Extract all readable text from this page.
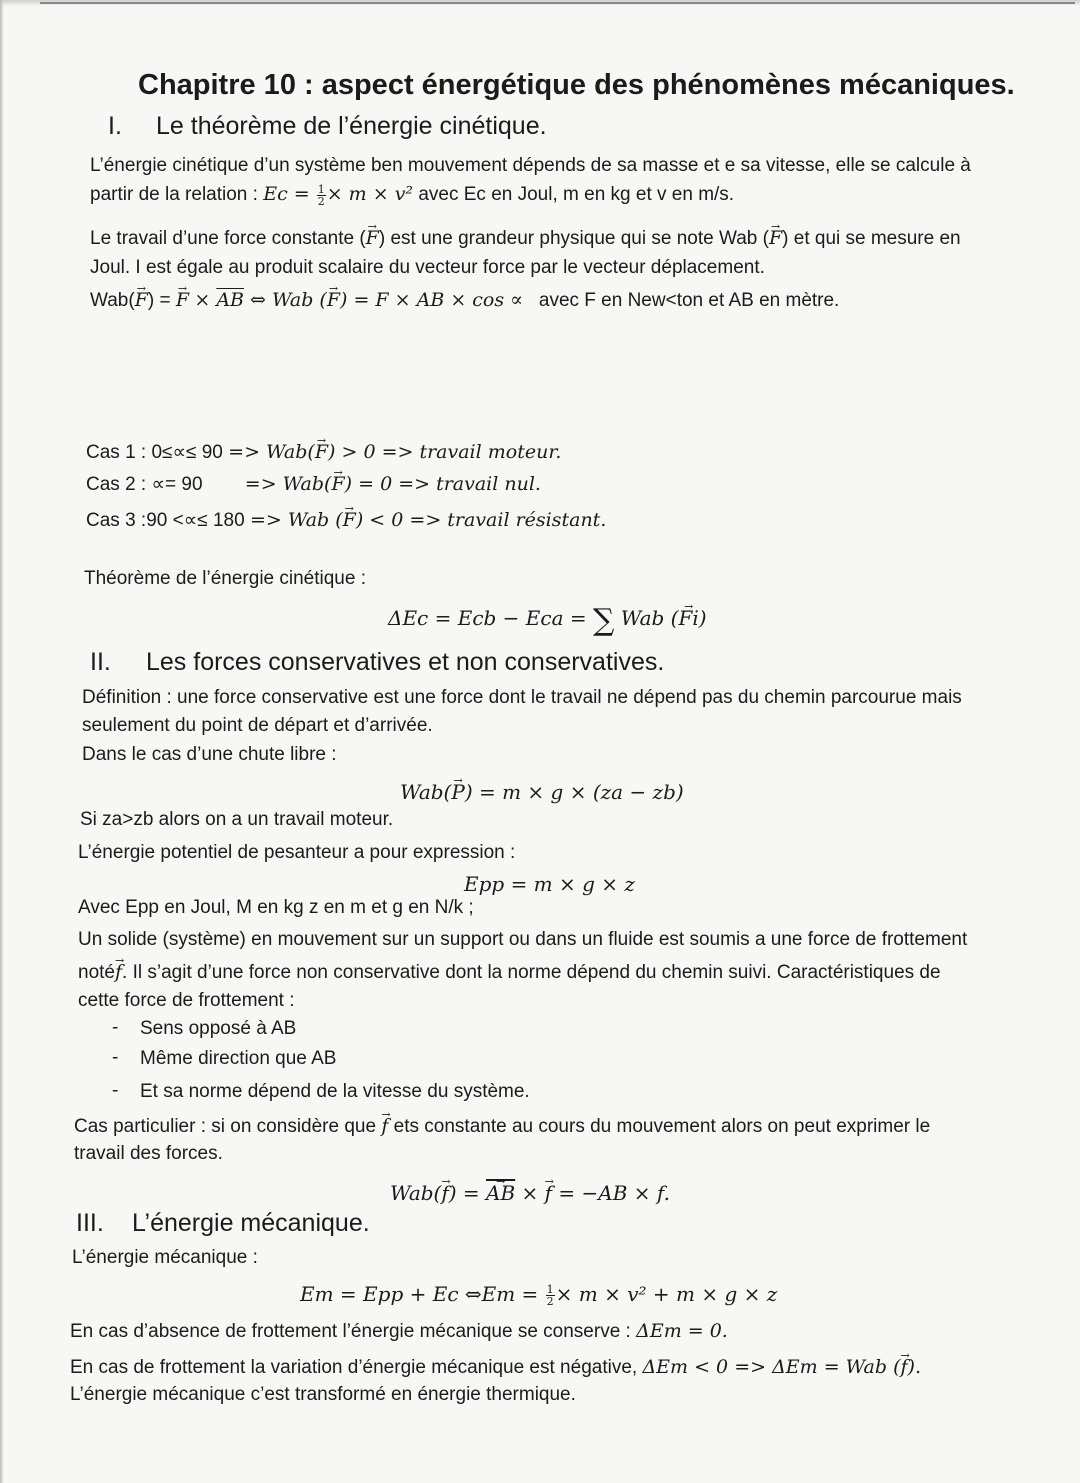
Chapitre 10 : aspect énergétique des phénomènes mécaniques.
I. Le théorème de l’énergie cinétique.
L’énergie cinétique d’un système ben mouvement dépends de sa masse et e sa vitesse, elle se calcule à
partir de la relation : $Ec = \frac{1}{2} \times m \times v^2$ avec Ec en Joul, m en kg et v en m/s.
Le travail d’une force constante (→ F) est une grandeur physique qui se note Wab (→ F) et qui se mesure en
Joul. I est égale au produit scalaire du vecteur force par le vecteur déplacement.
Wab(→ F) = → $F \times \overline{AB}$ ⇔ Wab (→ F) = F × AB × cos ∝ avec F en New<ton et AB en mètre.
Cas 1 : 0≤∝≤ 90 => Wab(→ F) > 0 => travail moteur.
Cas 2 : ∝= 90 => Wab(→ F) = 0 => travail nul.
Cas 3 :90 <∝≤ 180 => Wab (→ F) < 0 => travail résistant.
Théorème de l’énergie cinétique :
ΔEc = Ecb − Eca = ∑ Wab (→ Fi)
II. Les forces conservatives et non conservatives.
Définition : une force conservative est une force dont le travail ne dépend pas du chemin parcourue mais
seulement du point de départ et d’arrivée.
Dans le cas d’une chute libre :
Wab(→ P) = m × g × (za − zb)
Si za>zb alors on a un travail moteur.
L’énergie potentiel de pesanteur a pour expression :
Epp = m × g × z
Avec Epp en Joul, M en kg z en m et g en N/k ;
Un solide (système) en mouvement sur un support ou dans un fluide est soumis a une force de frottement
noté→ f. Il s’agit d’une force non conservative dont la norme dépend du chemin suivi. Caractéristiques de
cette force de frottement :
- Sens opposé à AB
- Même direction que AB
- Et sa norme dépend de la vitesse du système.
Cas particulier : si on considère que → f ets constante au cours du mouvement alors on peut exprimer le
travail des forces.
Wab(→ f) = → $\overline{AB}$ × → f = −AB × f.
III. L’énergie mécanique.
L’énergie mécanique :
Em = Epp + Ec ⇔Em = $\frac{1}{2} \times m \times v^2 + m \times g \times z$
En cas d’absence de frottement l’énergie mécanique se conserve : ΔEm = 0.
En cas de frottement la variation d’énergie mécanique est négative, ΔEm < 0 => ΔEm = Wab (→ f).
L’énergie mécanique c’est transformé en énergie thermique.
